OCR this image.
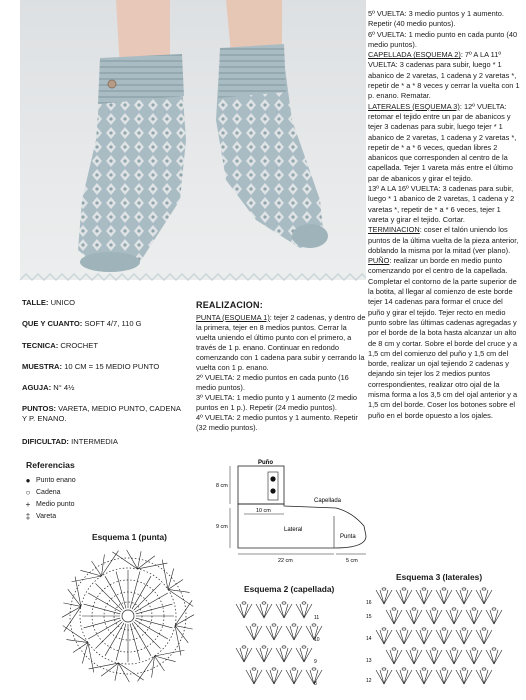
TALLE: UNICO
QUE Y CUANTO: SOFT 4/7, 110 G
TECNICA: CROCHET
MUESTRA: 10 CM = 15 MEDIO PUNTO
AGUJA: N° 4½
PUNTOS: VARETA, MEDIO PUNTO, CADENA Y P. ENANO.
DIFICULTAD: INTERMEDIA
REALIZACION:

PUNTA (ESQUEMA 1): tejer 2 cadenas, y dentro de la primera, tejer en 8 medios puntos. Cerrar la vuelta uniendo el último punto con el primero, a través de 1 p. enano. Continuar en redondo comenzando con 1 cadena para subir y cerrando la vuelta con 1 p. enano.

2º VUELTA: 2 medio puntos en cada punto (16 medio puntos).

3º VUELTA: 1 medio punto y 1 aumento (2 medio puntos en 1 p.). Repetir (24 medio puntos).

4º VUELTA: 2 medio puntos y 1 aumento. Repetir (32 medio puntos).

5º VUELTA: 3 medio puntos y 1 aumento. Repetir (40 medio puntos).

6º VUELTA: 1 medio punto en cada punto (40 medio puntos).

CAPELLADA (ESQUEMA 2): 7º A LA 11º VUELTA: 3 cadenas para subir, luego * 1 abanico de 2 varetas, 1 cadena y 2 varetas *, repetir de * a * 8 veces y cerrar la vuelta con 1 p. enano. Rematar.

LATERALES (ESQUEMA 3): 12º VUELTA: retomar el tejido entre un par de abanicos y tejer 3 cadenas para subir, luego tejer * 1 abanico de 2 varetas, 1 cadena y 2 varetas *, repetir de * a * 6 veces, quedan libres 2 abanicos que corresponden al centro de la capellada. Tejer 1 vareta más entre el último par de abanicos y girar el tejido.

13º A LA 16º VUELTA: 3 cadenas para subir, luego * 1 abanico de 2 varetas, 1 cadena y 2 varetas *, repetir de * a * 6 veces, tejer 1 vareta y girar el tejido. Cortar.

TERMINACION: coser el talón uniendo los puntos de la última vuelta de la pieza anterior, doblando la misma por la mitad (ver plano).

PUÑO: realizar un borde en medio punto comenzando por el centro de la capellada. Completar el contorno de la parte superior de la botita, al llegar al comienzo de este borde tejer 14 cadenas para formar el cruce del puño y girar el tejido. Tejer recto en medio punto sobre las últimas cadenas agregadas y por el borde de la bota hasta alcanzar un alto de 8 cm y cortar. Sobre el borde del cruce y a 1,5 cm del comienzo del puño y 1,5 cm del borde, realizar un ojal tejiendo 2 cadenas y dejando sin tejer los 2 medios puntos correspondientes, realizar otro ojal de la misma forma a los 3,5 cm del ojal anterior y a 1,5 cm del borde. Coser los botones sobre el puño en el borde opuesto a los ojales.

Referencias
● Punto enano
○ Cadena
+ Medio punto
‡ Vareta
Puño
Capellada
Lateral
Punta
8 cm
10 cm
9 cm
22 cm	5 cm
Esquema 1 (punta)
Esquema 2 (capellada)
11
10
9
8
Esquema 3 (laterales)
16
15
14
13
12
